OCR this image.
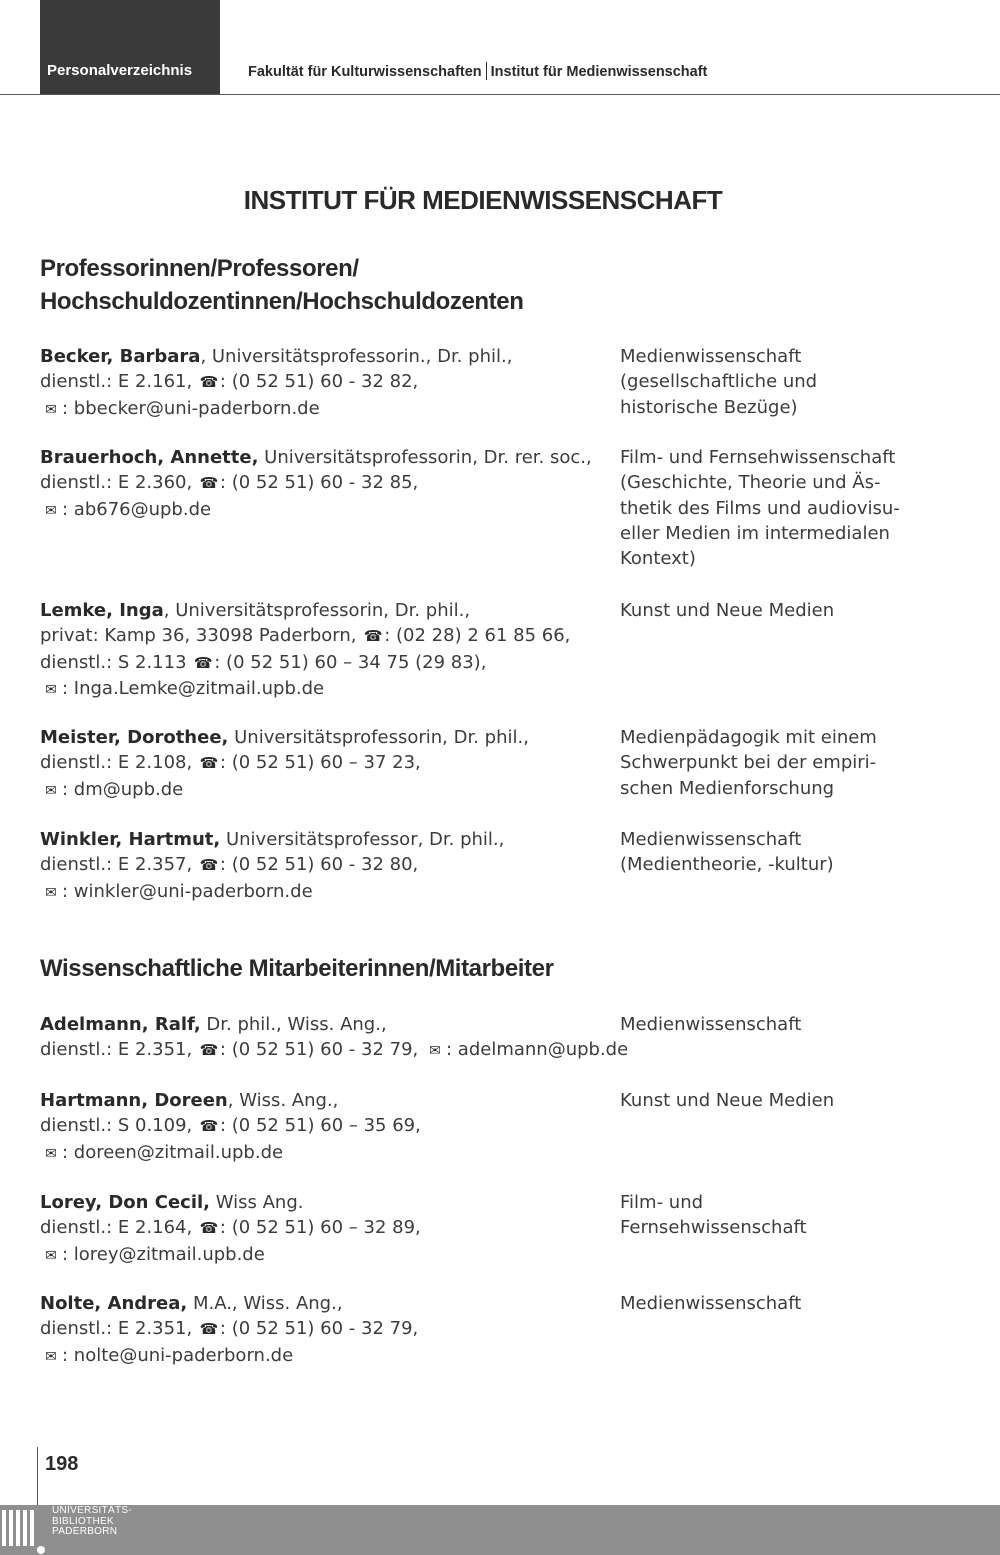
Personalverzeichnis	Fakultät für Kulturwissenschaften Institut für Medienwissenschaft
INSTITUT FÜR MEDIENWISSENSCHAFT
Professorinnen/Professoren/
Hochschuldozentinnen/Hochschuldozenten
Becker, Barbara, Universitätsprofessorin., Dr. phil.,
dienstl.: E 2.161, ☎: (0 52 51) 60 - 32 82,
✉ : bbecker@uni-paderborn.de
Medienwissenschaft
(gesellschaftliche und
historische Bezüge)
Brauerhoch, Annette, Universitätsprofessorin, Dr. rer. soc.,
dienstl.: E 2.360, ☎: (0 52 51) 60 - 32 85,
✉ : ab676@upb.de
Film- und Fernsehwissenschaft
(Geschichte, Theorie und Äs-
thetik des Films und audiovisu-
eller Medien im intermedialen
Kontext)
Lemke, Inga, Universitätsprofessorin, Dr. phil.,
privat: Kamp 36, 33098 Paderborn, ☎: (02 28) 2 61 85 66,
dienstl.: S 2.113 ☎: (0 52 51) 60 – 34 75 (29 83),
✉ : Inga.Lemke@zitmail.upb.de
Kunst und Neue Medien
Meister, Dorothee, Universitätsprofessorin, Dr. phil.,
dienstl.: E 2.108, ☎: (0 52 51) 60 – 37 23,
✉ : dm@upb.de
Medienpädagogik mit einem
Schwerpunkt bei der empiri-
schen Medienforschung
Winkler, Hartmut, Universitätsprofessor, Dr. phil.,
dienstl.: E 2.357, ☎: (0 52 51) 60 - 32 80,
✉ : winkler@uni-paderborn.de
Medienwissenschaft
(Medientheorie, -kultur)
Wissenschaftliche Mitarbeiterinnen/Mitarbeiter
Adelmann, Ralf, Dr. phil., Wiss. Ang.,
dienstl.: E 2.351, ☎: (0 52 51) 60 - 32 79, ✉ : adelmann@upb.de
Medienwissenschaft
Hartmann, Doreen, Wiss. Ang.,
dienstl.: S 0.109, ☎: (0 52 51) 60 – 35 69,
✉ : doreen@zitmail.upb.de
Kunst und Neue Medien
Lorey, Don Cecil, Wiss Ang.
dienstl.: E 2.164, ☎: (0 52 51) 60 – 32 89,
✉ : lorey@zitmail.upb.de
Film- und
Fernsehwissenschaft
Nolte, Andrea, M.A., Wiss. Ang.,
dienstl.: E 2.351, ☎: (0 52 51) 60 - 32 79,
✉ : nolte@uni-paderborn.de
Medienwissenschaft
198
UNIVERSITÄTS-
BIBLIOTHEK
PADERBORN
